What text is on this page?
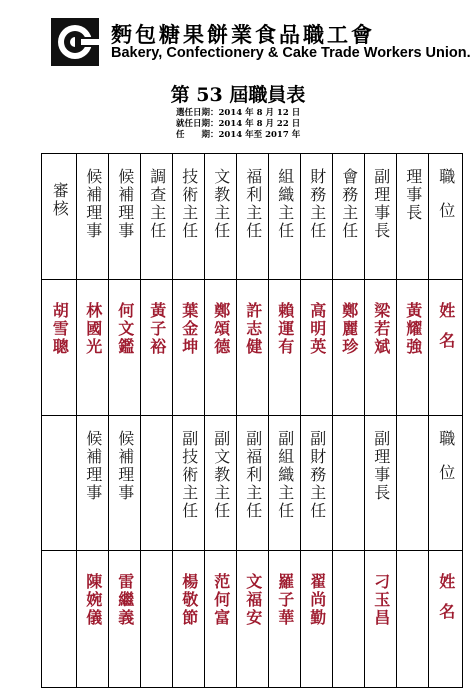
麪包糖果餅業食品職工會
Bakery, Confectionery & Cake Trade Workers Union.
第 53 屆職員表
選任日期：2014 年 8 月 12 日
就任日期：2014 年 8 月 22 日
任　　期：2014 年至 2017 年
審核	候補理事	候補理事	調查主任	技術主任	文教主任	福利主任	組織主任	財務主任	會務主任	副理事長	理事長	職位
胡雪聰	林國光	何文鑑	黃子裕	葉金坤	鄭頌德	許志健	賴運有	高明英	鄭麗珍	梁若斌	黃耀強	姓名
	候補理事	候補理事		副技術主任	副文教主任	副福利主任	副組織主任	副財務主任		副理事長		職位
	陳婉儀	雷繼義		楊敬節	范何富	文福安	羅子華	翟尚勤		刁玉昌		姓名
